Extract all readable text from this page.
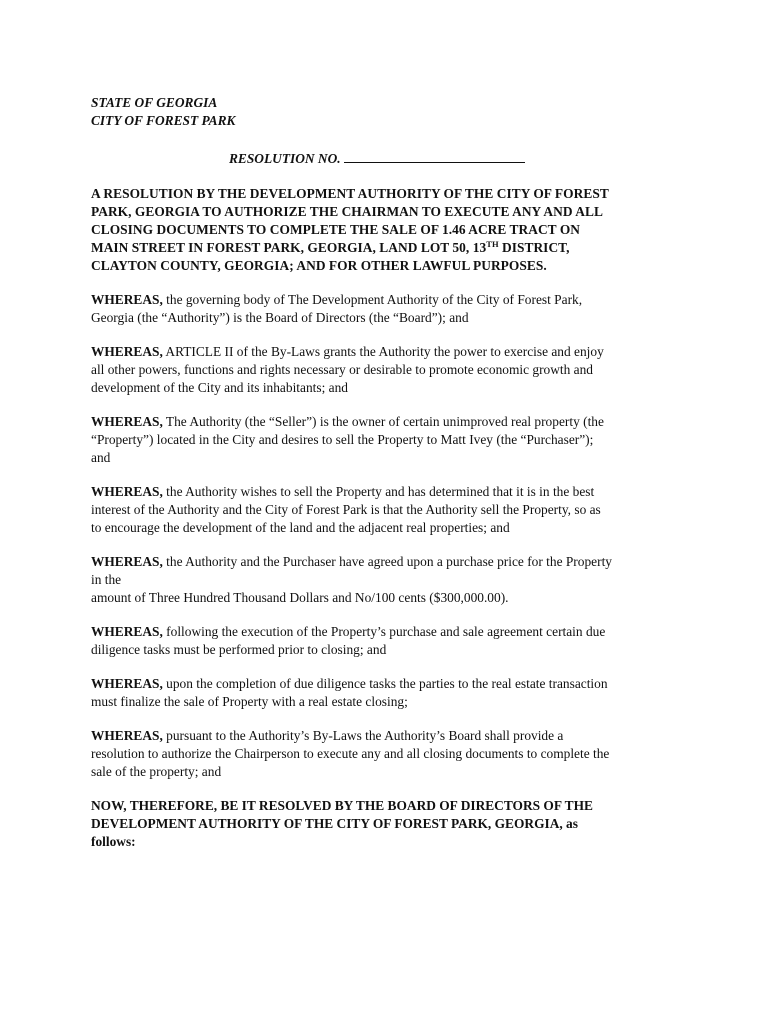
STATE OF GEORGIA
CITY OF FOREST PARK
RESOLUTION NO.
A RESOLUTION BY THE DEVELOPMENT AUTHORITY OF THE CITY OF FOREST
PARK, GEORGIA TO AUTHORIZE THE CHAIRMAN TO EXECUTE ANY AND ALL
CLOSING DOCUMENTS TO COMPLETE THE SALE OF 1.46 ACRE TRACT ON
MAIN STREET IN FOREST PARK, GEORGIA, LAND LOT 50, 13TH DISTRICT,
CLAYTON COUNTY, GEORGIA; AND FOR OTHER LAWFUL PURPOSES.
WHEREAS, the governing body of The Development Authority of the City of Forest Park,
Georgia (the “Authority”) is the Board of Directors (the “Board”); and
WHEREAS, ARTICLE II of the By-Laws grants the Authority the power to exercise and enjoy
all other powers, functions and rights necessary or desirable to promote economic growth and
development of the City and its inhabitants; and
WHEREAS, The Authority (the “Seller”) is the owner of certain unimproved real property (the
“Property”) located in the City and desires to sell the Property to Matt Ivey (the “Purchaser”);
and
WHEREAS, the Authority wishes to sell the Property and has determined that it is in the best
interest of the Authority and the City of Forest Park is that the Authority sell the Property, so as
to encourage the development of the land and the adjacent real properties; and
WHEREAS, the Authority and the Purchaser have agreed upon a purchase price for the Property
in the
amount of Three Hundred Thousand Dollars and No/100 cents ($300,000.00).
WHEREAS, following the execution of the Property’s purchase and sale agreement certain due
diligence tasks must be performed prior to closing; and
WHEREAS, upon the completion of due diligence tasks the parties to the real estate transaction
must finalize the sale of Property with a real estate closing;
WHEREAS, pursuant to the Authority’s By-Laws the Authority’s Board shall provide a
resolution to authorize the Chairperson to execute any and all closing documents to complete the
sale of the property; and
NOW, THEREFORE, BE IT RESOLVED BY THE BOARD OF DIRECTORS OF THE
DEVELOPMENT AUTHORITY OF THE CITY OF FOREST PARK, GEORGIA, as
follows:
